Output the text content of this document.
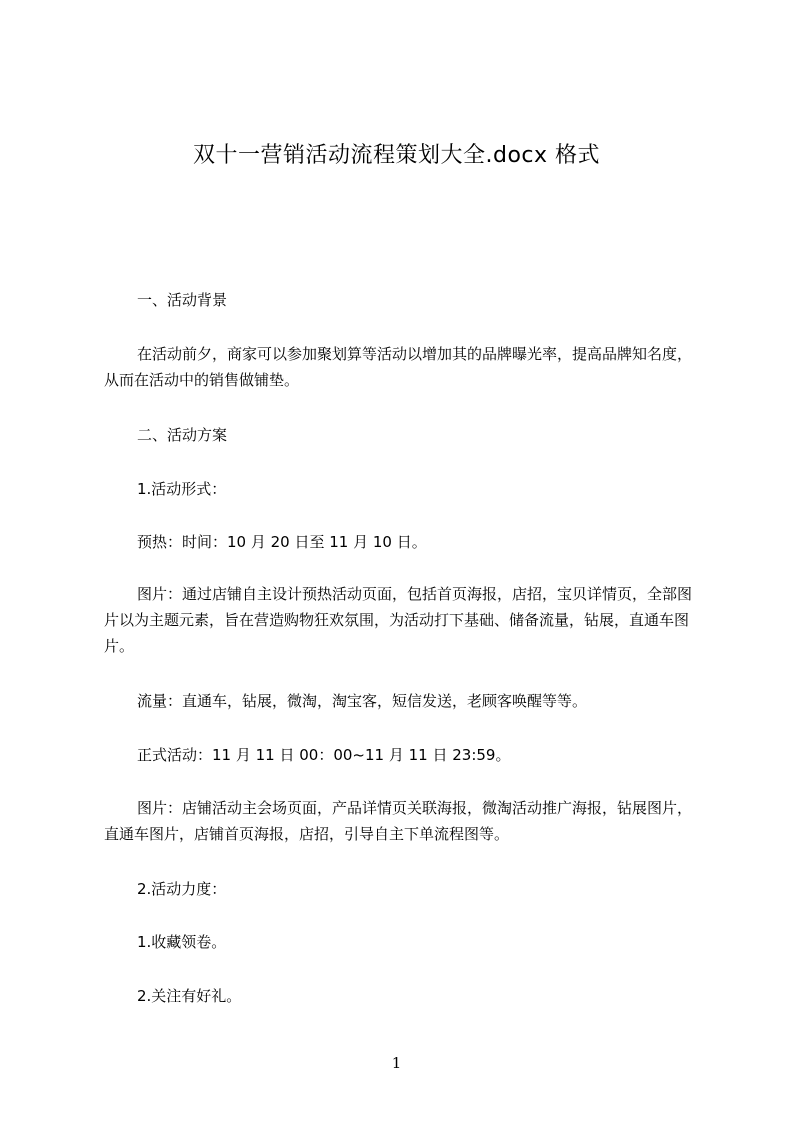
双十一营销活动流程策划大全.docx 格式
一、活动背景
在活动前夕，商家可以参加聚划算等活动以增加其的品牌曝光率，提高品牌知名度，从而在活动中的销售做铺垫。
二、活动方案
1.活动形式：
预热：时间：10 月 20 日至 11 月 10 日。
图片：通过店铺自主设计预热活动页面，包括首页海报，店招，宝贝详情页，全部图片以为主题元素，旨在营造购物狂欢氛围，为活动打下基础、储备流量，钻展，直通车图片。
流量：直通车，钻展，微淘，淘宝客，短信发送，老顾客唤醒等等。
正式活动：11 月 11 日 00：00~11 月 11 日 23:59。
图片：店铺活动主会场页面，产品详情页关联海报，微淘活动推广海报，钻展图片，直通车图片，店铺首页海报，店招，引导自主下单流程图等。
2.活动力度：
1.收藏领卷。
2.关注有好礼。
1
